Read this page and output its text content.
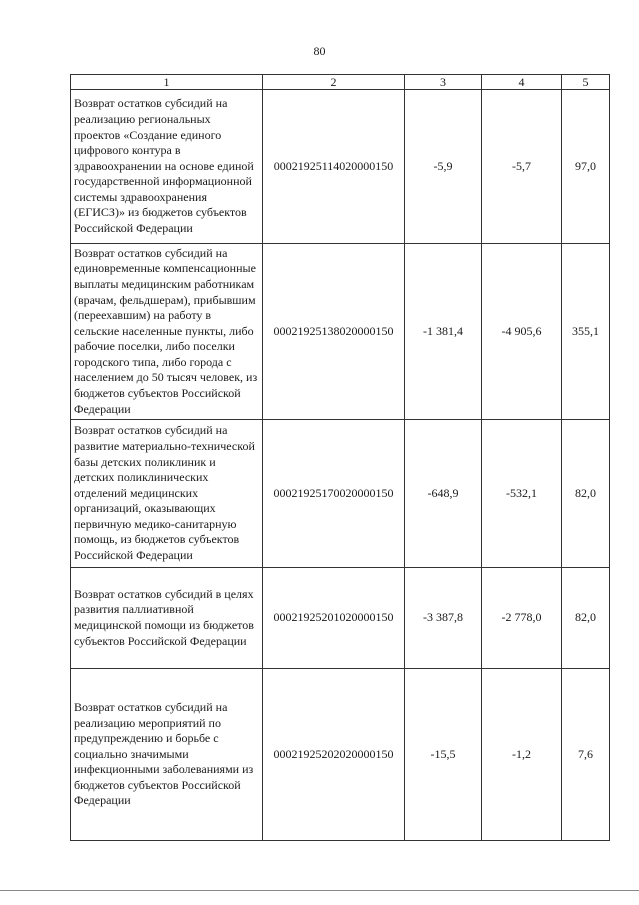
80
1	2	3	4	5
Возврат остатков субсидий на реализацию региональных проектов «Создание единого цифрового контура в здравоохранении на основе единой государственной информационной системы здравоохранения (ЕГИСЗ)» из бюджетов субъектов Российской Федерации	00021925114020000150	-5,9	-5,7	97,0
Возврат остатков субсидий на единовременные компенсационные выплаты медицинским работникам (врачам, фельдшерам), прибывшим (переехавшим) на работу в сельские населенные пункты, либо рабочие поселки, либо поселки городского типа, либо города с населением до 50 тысяч человек, из бюджетов субъектов Российской Федерации	00021925138020000150	-1 381,4	-4 905,6	355,1
Возврат остатков субсидий на развитие материально-технической базы детских поликлиник и детских поликлинических отделений медицинских организаций, оказывающих первичную медико-санитарную помощь, из бюджетов субъектов Российской Федерации	00021925170020000150	-648,9	-532,1	82,0
Возврат остатков субсидий в целях развития паллиативной медицинской помощи из бюджетов субъектов Российской Федерации	00021925201020000150	-3 387,8	-2 778,0	82,0
Возврат остатков субсидий на реализацию мероприятий по предупреждению и борьбе с социально значимыми инфекционными заболеваниями из бюджетов субъектов Российской Федерации	00021925202020000150	-15,5	-1,2	7,6
